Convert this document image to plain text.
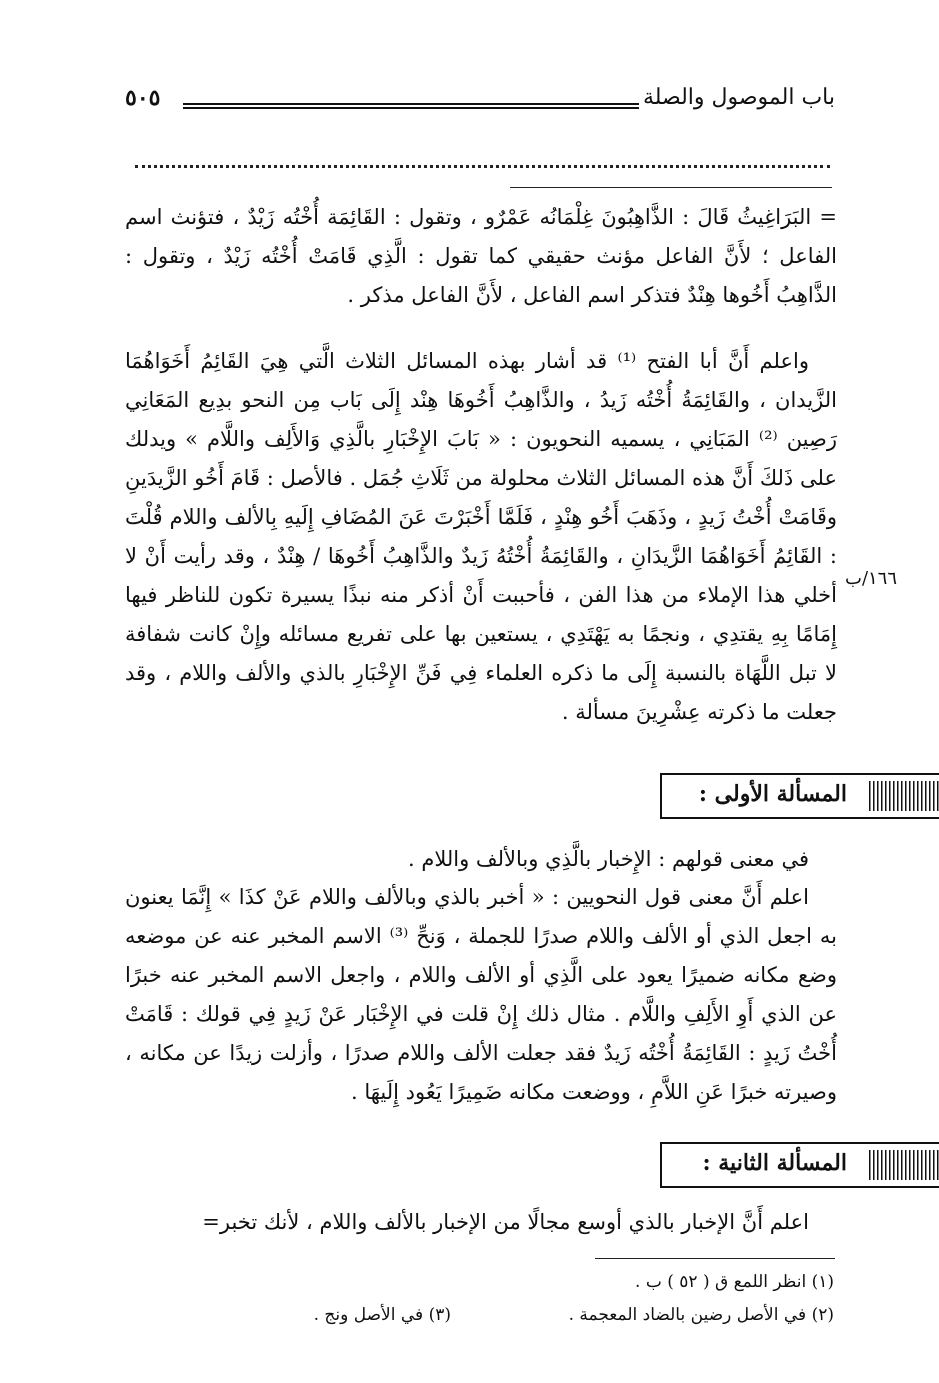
باب الموصول والصلة
٥٠٥

= البَرَاغِيثُ قَالَ : الذَّاهِبُونَ غِلْمَانُه عَمْرٌو ، وتقول : القَائِمَة أُخْتُه زَيْدٌ ، فتؤنث اسم الفاعل ؛ لأَنَّ الفاعل مؤنث حقيقي كما تقول : الَّذِي قَامَتْ أُخْتُه زَيْدٌ ، وتقول : الذَّاهِبُ أَخُوها هِنْدٌ فتذكر اسم الفاعل ، لأَنَّ الفاعل مذكر .

واعلم أَنَّ أبا الفتح ⁽¹⁾ قد أشار بهذه المسائل الثلاث الَّتي هِيَ القَائِمُ أَخَوَاهُمَا الزَّيدان ، والقَائِمَةُ أُخْتُه زَيدُ ، والذَّاهِبُ أَخُوهَا هِنْد إِلَى بَاب مِن النحو بدِيع المَعَانِي رَصِين ⁽²⁾ المَبَانِي ، يسميه النحويون : « بَابَ الإِخْبَارِ بالَّذِي وَالأَلِف واللَّام » ويدلك على ذَلكَ أَنَّ هذه المسائل الثلاث محلولة من ثَلَاثِ جُمَل . فالأصل : قَامَ أَخُو الزَّيدَينِ وقَامَتْ أُخْتُ زَيدٍ ، وذَهَبَ أَخُو هِنْدٍ ، فَلَمَّا أَخْبَرْتَ عَنَ المُضَافِ إِلَيهِ بِالألف واللام قُلْتَ : القَائِمُ أَخَوَاهُمَا الزَّيدَانِ ، والقَائِمَةُ أُخْتُهُ زَيدٌ والذَّاهِبُ أَخُوهَا / هِنْدٌ ، وقد رأيت أَنْ لا أخلي هذا الإملاء من هذا الفن ، فأحببت أَنْ أذكر منه نبذًا يسيرة تكون للناظر فيها إِمَامًا بِهِ يقتدِي ، ونجمًا به يَهْتَدِي ، يستعين بها على تفريع مسائله وإِنْ كانت شفافة لا تبل اللَّهَاة بالنسبة إِلَى ما ذكره العلماء فِي فَنِّ الإِخْبَارِ بالذي والألف واللام ، وقد جعلت ما ذكرته عِشْرِينَ مسألة .

١٦٦/ب
المسألة الأولى :

في معنى قولهم : الإِخبار بالَّذِي وبالألف واللام .

اعلم أَنَّ معنى قول النحويين : « أخبر بالذي وبالألف واللام عَنْ كذَا » إِنَّمَا يعنون به اجعل الذي أو الألف واللام صدرًا للجملة ، وَنحِّ ⁽³⁾ الاسم المخبر عنه عن موضعه وضع مكانه ضميرًا يعود على الَّذِي أو الألف واللام ، واجعل الاسم المخبر عنه خبرًا عن الذي أَوِ الأَلِفِ واللَّام . مثال ذلك إِنْ قلت في الإِخْبَار عَنْ زَيدٍ فِي قولك : قَامَتْ أُخْتُ زَيدٍ : القَائِمَةُ أُخْتُه زَيدٌ فقد جعلت الألف واللام صدرًا ، وأزلت زيدًا عن مكانه ، وصيرته خبرًا عَنِ اللاَّمِ ، ووضعت مكانه ضَمِيرًا يَعُود إِلَيهَا .

المسألة الثانية :

اعلم أَنَّ الإخبار بالذي أوسع مجالًا من الإخبار بالألف واللام ، لأنك تخبر=

(١) انظر اللمع ق ( ٥٢ ) ب .
(٢) في الأصل رضين بالضاد المعجمة .
(٣) في الأصل ونج .
